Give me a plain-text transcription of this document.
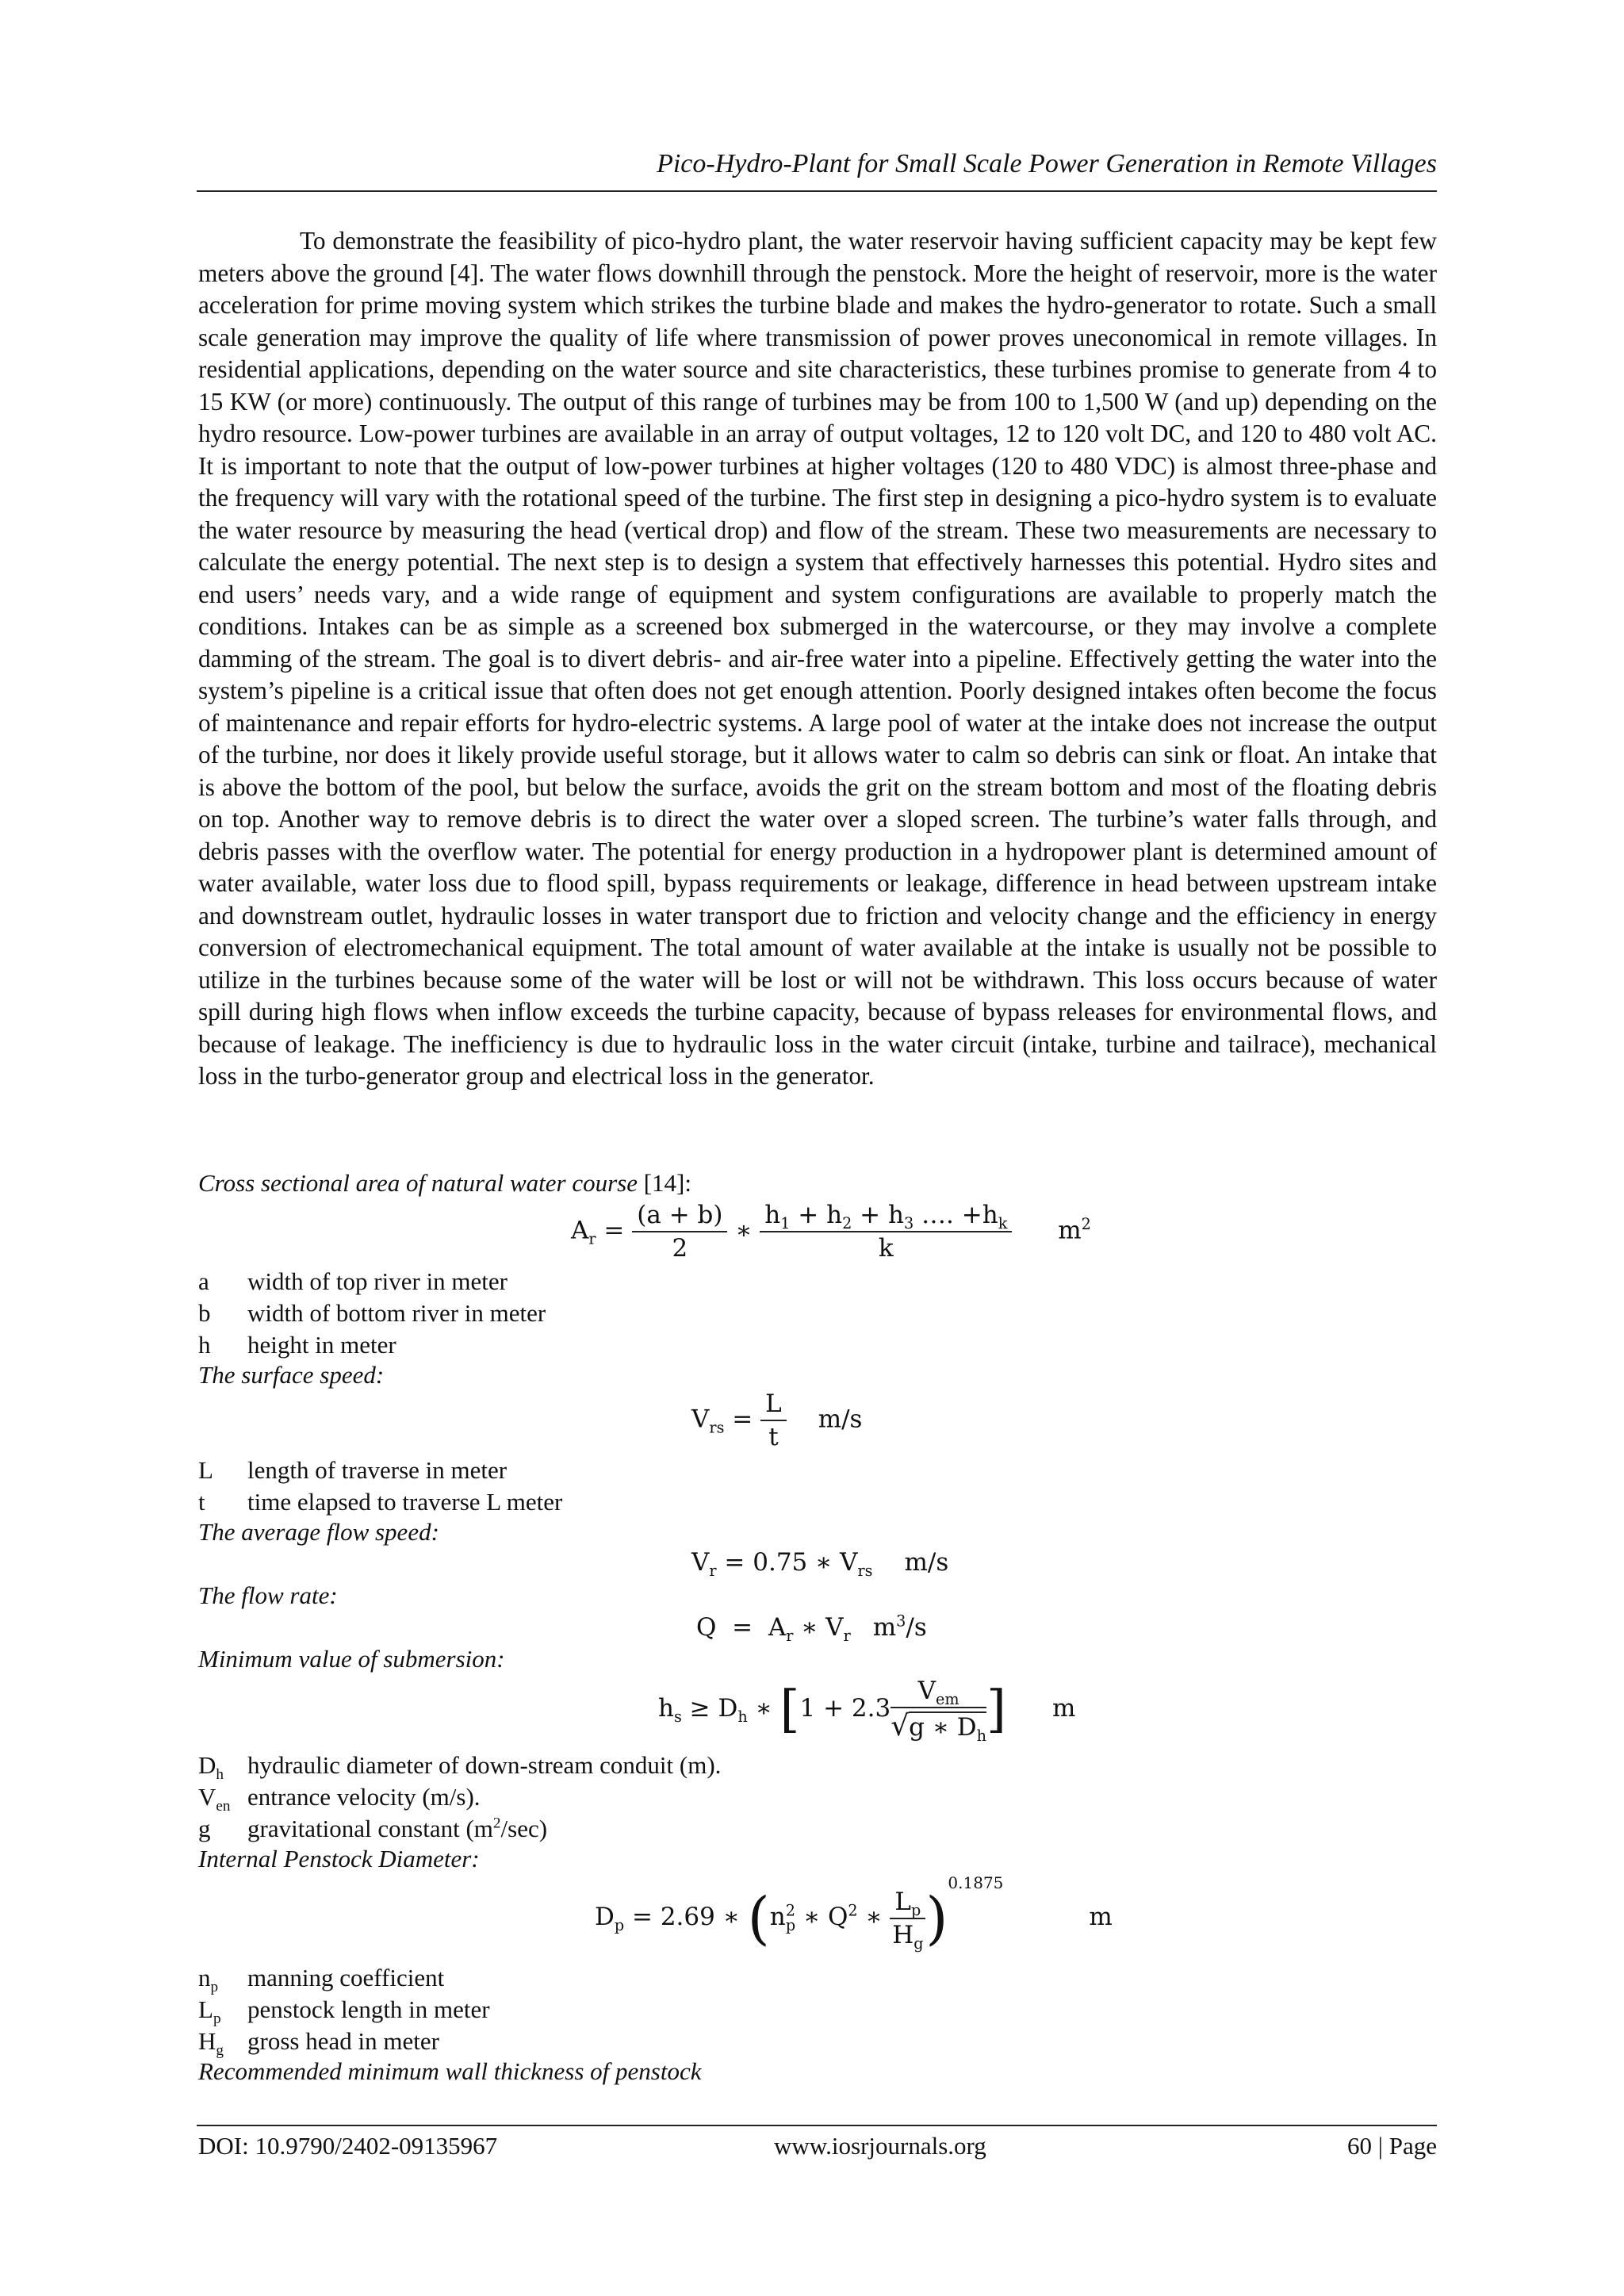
Pico-Hydro-Plant for Small Scale Power Generation in Remote Villages

To demonstrate the feasibility of pico-hydro plant, the water reservoir having sufficient capacity may be kept few meters above the ground [4]. The water flows downhill through the penstock. More the height of reservoir, more is the water acceleration for prime moving system which strikes the turbine blade and makes the hydro-generator to rotate. Such a small scale generation may improve the quality of life where transmission of power proves uneconomical in remote villages. In residential applications, depending on the water source and site characteristics, these turbines promise to generate from 4 to 15 KW (or more) continuously. The output of this range of turbines may be from 100 to 1,500 W (and up) depending on the hydro resource. Low-power turbines are available in an array of output voltages, 12 to 120 volt DC, and 120 to 480 volt AC. It is important to note that the output of low-power turbines at higher voltages (120 to 480 VDC) is almost three-phase and the frequency will vary with the rotational speed of the turbine. The first step in designing a pico-hydro system is to evaluate the water resource by measuring the head (vertical drop) and flow of the stream. These two measurements are necessary to calculate the energy potential. The next step is to design a system that effectively harnesses this potential. Hydro sites and end users’ needs vary, and a wide range of equipment and system configurations are available to properly match the conditions. Intakes can be as simple as a screened box submerged in the watercourse, or they may involve a complete damming of the stream. The goal is to divert debris- and air-free water into a pipeline. Effectively getting the water into the system’s pipeline is a critical issue that often does not get enough attention. Poorly designed intakes often become the focus of maintenance and repair efforts for hydro-electric systems. A large pool of water at the intake does not increase the output of the turbine, nor does it likely provide useful storage, but it allows water to calm so debris can sink or float. An intake that is above the bottom of the pool, but below the surface, avoids the grit on the stream bottom and most of the floating debris on top. Another way to remove debris is to direct the water over a sloped screen. The turbine’s water falls through, and debris passes with the overflow water. The potential for energy production in a hydropower plant is determined amount of water available, water loss due to flood spill, bypass requirements or leakage, difference in head between upstream intake and downstream outlet, hydraulic losses in water transport due to friction and velocity change and the efficiency in energy conversion of electromechanical equipment. The total amount of water available at the intake is usually not be possible to utilize in the turbines because some of the water will be lost or will not be withdrawn. This loss occurs because of water spill during high flows when inflow exceeds the turbine capacity, because of bypass releases for environmental flows, and because of leakage. The inefficiency is due to hydraulic loss in the water circuit (intake, turbine and tailrace), mechanical loss in the turbo-generator group and electrical loss in the generator.

Cross sectional area of natural water course [14]:
$A_r = \frac{(a + b)}{2}$ ∗ $\frac{h_1 + h_2 + h_3 \dots. +h_k}{k} m^2$
a	width of top river in meter
b	width of bottom river in meter
h	height in meter
The surface speed:
$V_{rs} = \frac{L}{t} m/s$
L	length of traverse in meter
t	time elapsed to traverse L meter
The average flow speed:
$V_r = 0.75$ ∗ $V_{rs}$ m/s
The flow rate:
$Q = A_r$ ∗ $V_r$ $m^3/s$
Minimum value of submersion:
$h_s \ge D_h$ ∗ [$1 + 2.3 \frac{V_{em}}{√g ∗ D_h}$ ] m
$D_h$ hydraulic diameter of down-stream conduit (m).
$V_{en}$ entrance velocity (m/s).
g	gravitational constant $(m^2/\sec)$
Internal Penstock Diameter:
$D_p = 2.69$ ∗ ($n^2_p$ ∗ $Q^2$ ∗ $\frac{L_p}{H_g} )^{0.1875}m$
$n_p$	manning coefficient
$L_p$	penstock length in meter
$H_g$ gross head in meter
Recommended minimum wall thickness of penstock
DOI: 10.9790/2402-09135967	www.iosrjournals.org	60 | Page
